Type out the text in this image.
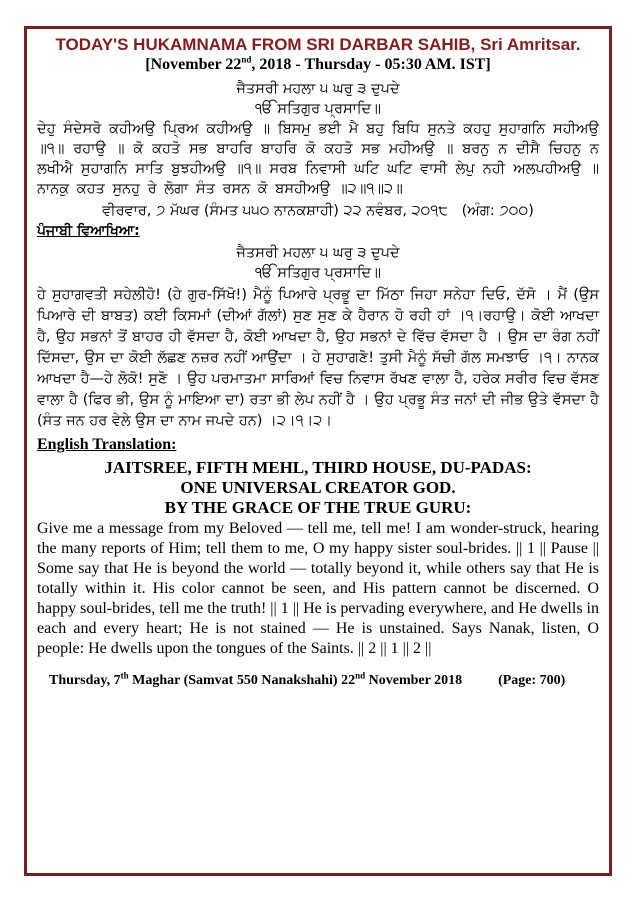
TODAY'S HUKAMNAMA FROM SRI DARBAR SAHIB, Sri Amritsar.
[November 22nd, 2018 - Thursday - 05:30 AM. IST]
ਜੈਤਸਰੀ ਮਹਲਾ ੫ ਘਰੁ ੩ ਦੁਪਦੇ
ੴ ਸਤਿਗੁਰ ਪ੍ਰਸਾਦਿ॥
ਦੇਹੁ ਸੰਦੇਸਰੋ ਕਹੀਅਉ ਪ੍ਰਿਅ ਕਹੀਅਉ ॥ ਬਿਸਮੁ ਭਈ ਮੈ ਬਹੁ ਬਿਧਿ ਸੁਨਤੇ ਕਹਹੁ ਸੁਹਾਗਨਿ ਸਹੀਅਉ ॥੧॥ ਰਹਾਉ ॥ ਕੋ ਕਹਤੋ ਸਭ ਬਾਹਰਿ ਬਾਹਰਿ ਕੋ ਕਹਤੋ ਸਭ ਮਹੀਅਉ ॥ ਬਰਨੁ ਨ ਦੀਸੈ ਚਿਹਨੁ ਨ ਲਖੀਐ ਸੁਹਾਗਨਿ ਸਾਤਿ ਬੁਝਹੀਅਉ ॥੧॥ ਸਰਬ ਨਿਵਾਸੀ ਘਟਿ ਘਟਿ ਵਾਸੀ ਲੇਪੁ ਨਹੀ ਅਲਪਹੀਅਉ ॥ ਨਾਨਕੁ ਕਹਤ ਸੁਨਹੁ ਰੇ ਲੋਗਾ ਸੰਤ ਰਸਨ ਕੋ ਬਸਹੀਅਉ ॥੨॥੧॥੨॥
ਵੀਰਵਾਰ, ੭ ਮੱਘਰ (ਸੰਮਤ ੫੫੦ ਨਾਨਕਸ਼ਾਹੀ) ੨੨ ਨਵੰਬਰ, ੨੦੧੮   (ਅੰਗ: ੭੦੦)
ਪੰਜਾਬੀ ਵਿਆਖਿਆ:
ਜੈਤਸਰੀ ਮਹਲਾ ੫ ਘਰੁ ੩ ਦੁਪਦੇ
ੴ ਸਤਿਗੁਰ ਪ੍ਰਸਾਦਿ॥
ਹੇ ਸੁਹਾਗਵਤੀ ਸਹੇਲੀਹੋ! (ਹੇ ਗੁਰ-ਸਿੱਖੋ!) ਮੈਨੂੰ ਪਿਆਰੇ ਪ੍ਰਭੂ ਦਾ ਮਿੱਠਾ ਜਿਹਾ ਸਨੇਹਾ ਦਿਓ, ਦੱਸੋ । ਮੈਂ (ਉਸ ਪਿਆਰੇ ਦੀ ਬਾਬਤ) ਕਈ ਕਿਸਮਾਂ (ਦੀਆਂ ਗੱਲਾਂ) ਸੁਣ ਸੁਣ ਕੇ ਹੈਰਾਨ ਹੋ ਰਹੀ ਹਾਂ ।੧।ਰਹਾਉ। ਕੋਈ ਆਖਦਾ ਹੈ, ਉਹ ਸਭਨਾਂ ਤੋਂ ਬਾਹਰ ਹੀ ਵੱਸਦਾ ਹੈ, ਕੋਈ ਆਖਦਾ ਹੈ, ਉਹ ਸਭਨਾਂ ਦੇ ਵਿੱਚ ਵੱਸਦਾ ਹੈ । ਉਸ ਦਾ ਰੰਗ ਨਹੀਂ ਦਿੱਸਦਾ, ਉਸ ਦਾ ਕੋਈ ਲੱਛਣ ਨਜ਼ਰ ਨਹੀਂ ਆਉਂਦਾ । ਹੇ ਸੁਹਾਗਣੋ! ਤੁਸੀ ਮੈਨੂੰ ਸੱਚੀ ਗੱਲ ਸਮਝਾਓ ।੧। ਨਾਨਕ ਆਖਦਾ ਹੈ—ਹੇ ਲੋਕੋ! ਸੁਣੋ । ਉਹ ਪਰਮਾਤਮਾ ਸਾਰਿਆਂ ਵਿਚ ਨਿਵਾਸ ਰੱਖਣ ਵਾਲਾ ਹੈ, ਹਰੇਕ ਸਰੀਰ ਵਿਚ ਵੱਸਣ ਵਾਲਾ ਹੈ (ਫਿਰ ਭੀ, ਉਸ ਨੂੰ ਮਾਇਆ ਦਾ) ਰਤਾ ਭੀ ਲੇਪ ਨਹੀਂ ਹੈ । ਉਹ ਪ੍ਰਭੂ ਸੰਤ ਜਨਾਂ ਦੀ ਜੀਭ ਉਤੇ ਵੱਸਦਾ ਹੈ (ਸੰਤ ਜਨ ਹਰ ਵੇਲੇ ਉਸ ਦਾ ਨਾਮ ਜਪਦੇ ਹਨ) ।੨।੧।੨।
English Translation:
JAITSREE, FIFTH MEHL, THIRD HOUSE, DU-PADAS:
ONE UNIVERSAL CREATOR GOD.
BY THE GRACE OF THE TRUE GURU:
Give me a message from my Beloved — tell me, tell me! I am wonder-struck, hearing the many reports of Him; tell them to me, O my happy sister soul-brides. || 1 || Pause || Some say that He is beyond the world — totally beyond it, while others say that He is totally within it. His color cannot be seen, and His pattern cannot be discerned. O happy soul-brides, tell me the truth! || 1 || He is pervading everywhere, and He dwells in each and every heart; He is not stained — He is unstained. Says Nanak, listen, O people: He dwells upon the tongues of the Saints. || 2 || 1 || 2 ||
Thursday, 7th Maghar (Samvat 550 Nanakshahi) 22nd November 2018	(Page: 700)
